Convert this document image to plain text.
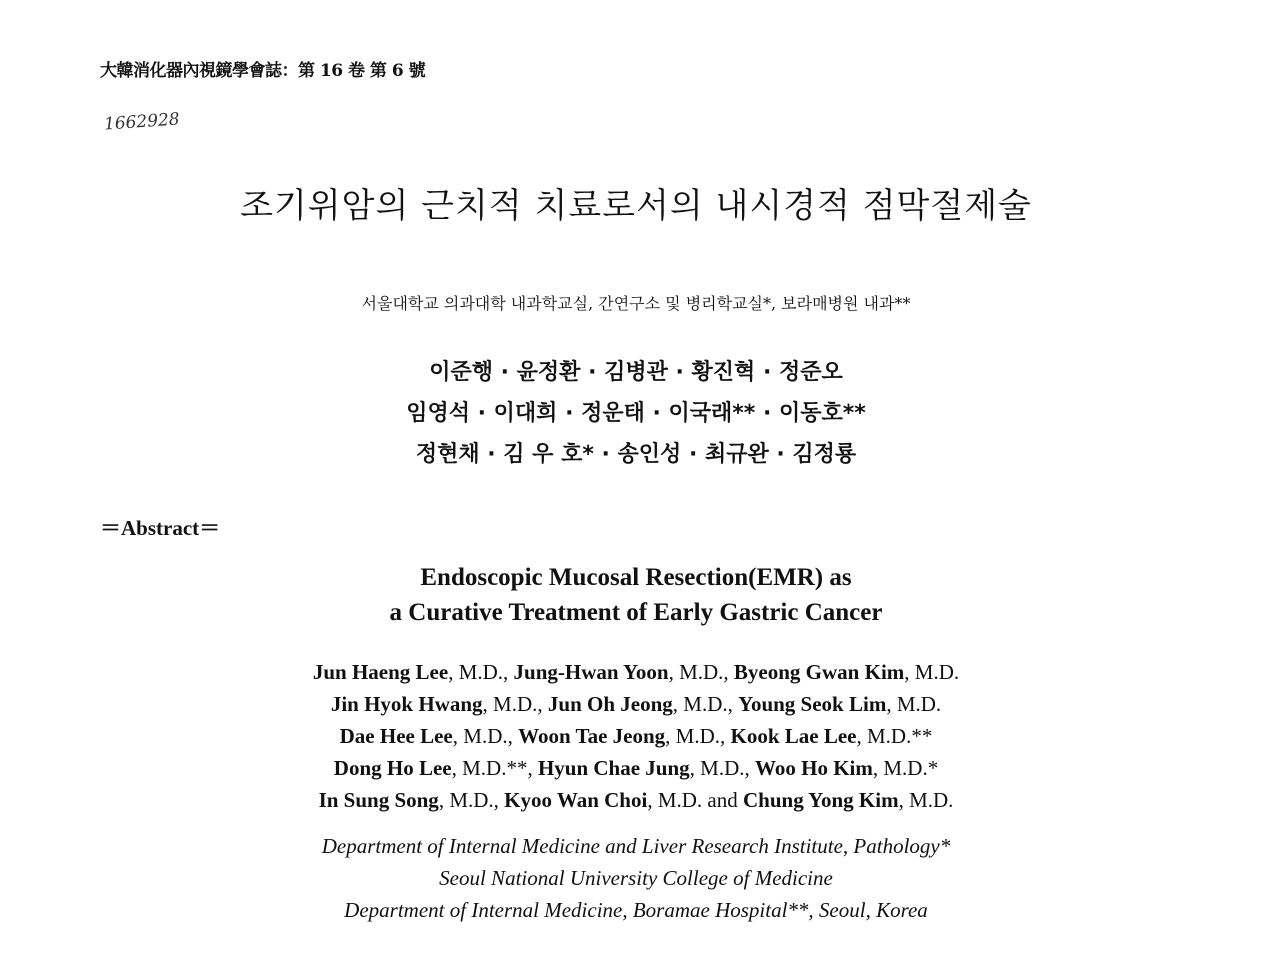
大韓消化器內視鏡學會誌：第 16 卷 第 6 號
1662928
조기위암의 근치적 치료로서의 내시경적 점막절제술
서울대학교 의과대학 내과학교실, 간연구소 및 병리학교실*, 보라매병원 내과**
이준행 · 윤정환 · 김병관 · 황진혁 · 정준오
임영석 · 이대희 · 정운태 · 이국래** · 이동호**
정현채 · 김 우 호* · 송인성 · 최규완 · 김정룡
＝Abstract＝
Endoscopic Mucosal Resection(EMR) as
a Curative Treatment of Early Gastric Cancer
Jun Haeng Lee, M.D., Jung-Hwan Yoon, M.D., Byeong Gwan Kim, M.D.
Jin Hyok Hwang, M.D., Jun Oh Jeong, M.D., Young Seok Lim, M.D.
Dae Hee Lee, M.D., Woon Tae Jeong, M.D., Kook Lae Lee, M.D.**
Dong Ho Lee, M.D.**, Hyun Chae Jung, M.D., Woo Ho Kim, M.D.*
In Sung Song, M.D., Kyoo Wan Choi, M.D. and Chung Yong Kim, M.D.
Department of Internal Medicine and Liver Research Institute, Pathology*
Seoul National University College of Medicine
Department of Internal Medicine, Boramae Hospital**, Seoul, Korea
